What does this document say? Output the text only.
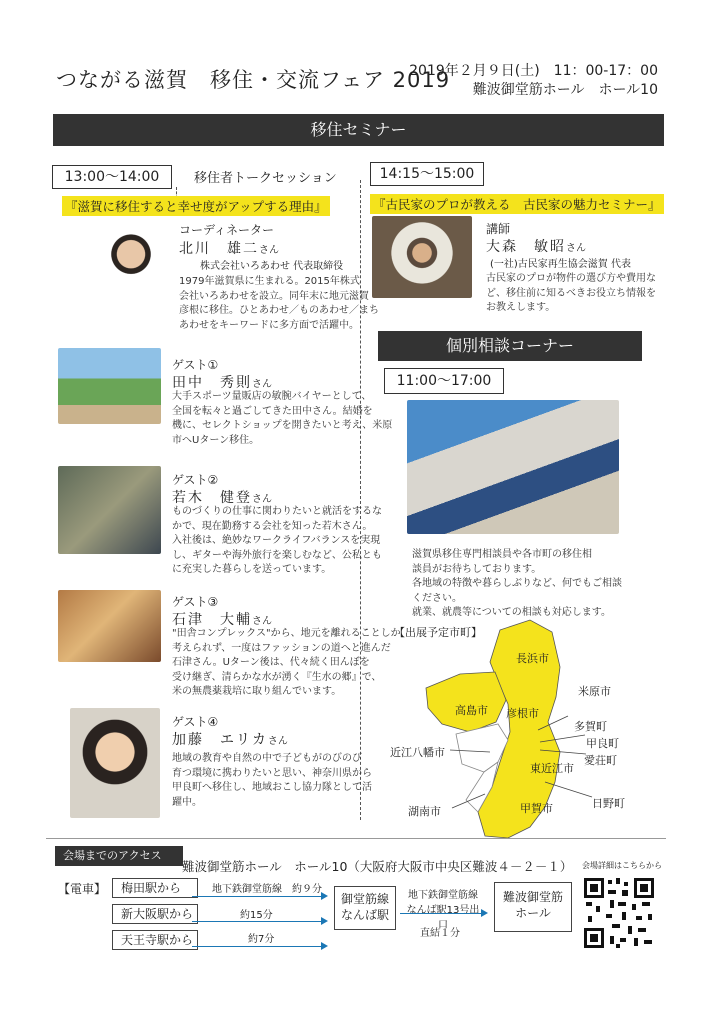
つながる滋賀　移住・交流フェア 2019
2019年２月９日(土)　11：00-17：00
難波御堂筋ホール　ホール10
移住セミナー
13:00～14:00	移住者トークセッション
『滋賀に移住すると幸せ度がアップする理由』
コーディネーター
北川　雄二さん
株式会社いろあわせ 代表取締役
1979年滋賀県に生まれる。2015年株式
会社いろあわせを設立。同年末に地元滋賀
彦根に移住。ひとあわせ／ものあわせ／まち
あわせをキーワードに多方面で活躍中。
ゲスト①
田中　秀則さん
大手スポーツ量販店の敏腕バイヤーとして、
全国を転々と過ごしてきた田中さん。結婚を
機に、セレクトショップを開きたいと考え、米原
市へUターン移住。
ゲスト②
若木　健登さん
ものづくりの仕事に関わりたいと就活をするな
かで、現在勤務する会社を知った若木さん。
入社後は、絶妙なワークライフバランスを実現
し、ギターや海外旅行を楽しむなど、公私とも
に充実した暮らしを送っています。
ゲスト③
石津　大輔さん
"田舎コンプレックス"から、地元を離れることしか
考えられず、一度はファッションの道へと進んだ
石津さん。Uターン後は、代々続く田んぼを
受け継ぎ、清らかな水が湧く『生水の郷』で、
米の無農薬栽培に取り組んでいます。
ゲスト④
加藤　エリカさん
地域の教育や自然の中で子どもがのびのび
育つ環境に携わりたいと思い、神奈川県から
甲良町へ移住し、地域おこし協力隊として活
躍中。
14:15～15:00
『古民家のプロが教える　古民家の魅力セミナー』
講師
大森　敏昭さん
(一社)古民家再生協会滋賀 代表
古民家のプロが物件の選び方や費用な
ど、移住前に知るべきお役立ち情報を
お教えします。
個別相談コーナー
11:00～17:00
滋賀県移住専門相談員や各市町の移住相
談員がお待ちしております。
各地域の特徴や暮らしぶりなど、何でもご相談
ください。
就業、就農等についての相談も対応します。
【出展予定市町】
長浜市
米原市
高島市 彦根市
多賀町
甲良町
愛荘町
近江八幡市
東近江市
日野町
湖南市	甲賀市
会場までのアクセス
難波御堂筋ホール　ホール10（大阪府大阪市中央区難波４－２－１） 会場詳細はこちらから
【電車】	梅田駅から
新大阪駅から
天王寺駅から
地下鉄御堂筋線　約９分
約15分
約7分
御堂筋線
なんば駅
地下鉄御堂筋線
なんば駅13号出口
直結１分
難波御堂筋
ホール
